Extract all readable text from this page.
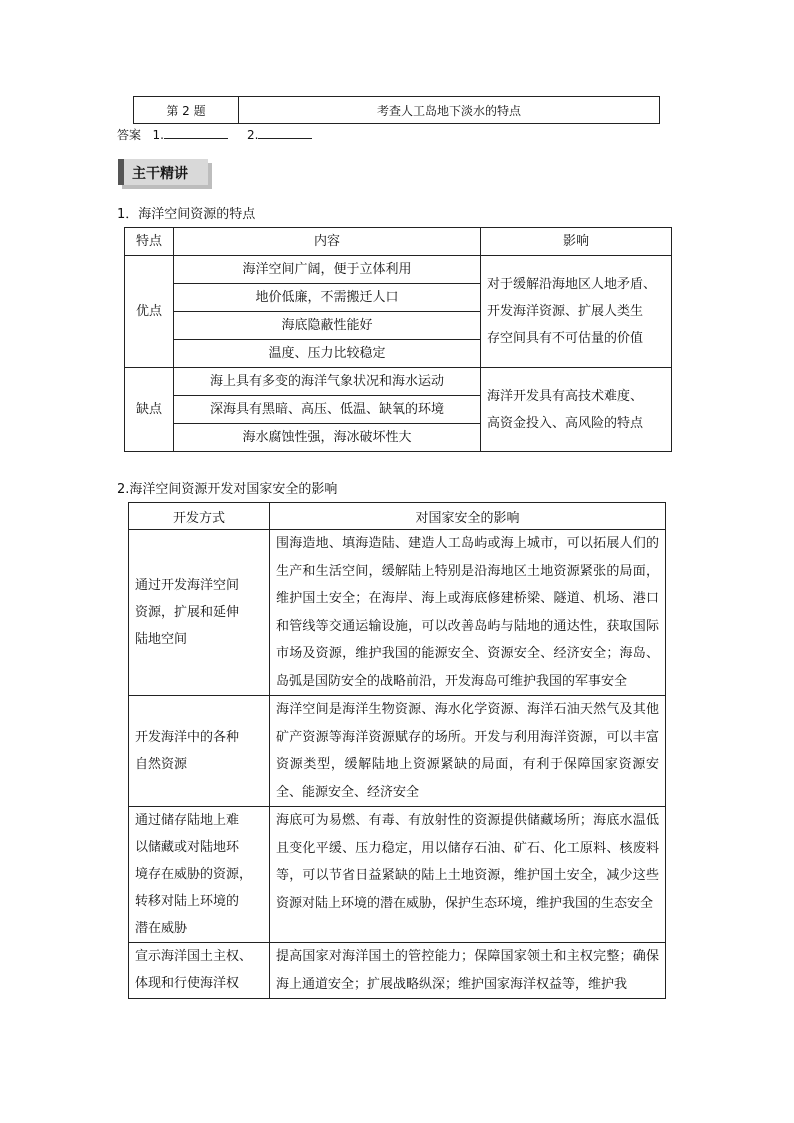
第 2 题	考查人工岛地下淡水的特点
答案 1.	2.
主干精讲
1．海洋空间资源的特点
特点	内容	影响
优点	海洋空间广阔，便于立体利用	对于缓解沿海地区人地矛盾、
开发海洋资源、扩展人类生
存空间具有不可估量的价值

	地价低廉，不需搬迁人口	
	海底隐蔽性能好	
	温度、压力比较稳定	
缺点	海上具有多变的海洋气象状况和海水运动	海洋开发具有高技术难度、
高资金投入、高风险的特点

	深海具有黑暗、高压、低温、缺氧的环境	
	海水腐蚀性强，海冰破坏性大	
2.海洋空间资源开发对国家安全的影响
开发方式	对国家安全的影响

通过开发海洋空间
资源，扩展和延伸
陆地空间	围海造地、填海造陆、建造人工岛屿或海上城市，可以拓展人们的生产和生活空间，缓解陆上特别是沿海地区土地资源紧张的局面，维护国土安全；在海岸、海上或海底修建桥梁、隧道、机场、港口和管线等交通运输设施，可以改善岛屿与陆地的通达性，获取国际市场及资源，维护我国的能源安全、资源安全、经济安全；海岛、岛弧是国防安全的战略前沿，开发海岛可维护我国的军事安全

开发海洋中的各种
自然资源	海洋空间是海洋生物资源、海水化学资源、海洋石油天然气及其他矿产资源等海洋资源赋存的场所。开发与利用海洋资源，可以丰富资源类型，缓解陆地上资源紧缺的局面，有利于保障国家资源安全、能源安全、经济安全

通过储存陆地上难
以储藏或对陆地环
境存在威胁的资源，
转移对陆上环境的
潜在威胁	海底可为易燃、有毒、有放射性的资源提供储藏场所；海底水温低且变化平缓、压力稳定，用以储存石油、矿石、化工原料、核废料等，可以节省日益紧缺的陆上土地资源，维护国土安全，减少这些资源对陆上环境的潜在威胁，保护生态环境，维护我国的生态安全

宣示海洋国土主权、
体现和行使海洋权	提高国家对海洋国土的管控能力；保障国家领土和主权完整；确保海上通道安全；扩展战略纵深；维护国家海洋权益等，维护我
